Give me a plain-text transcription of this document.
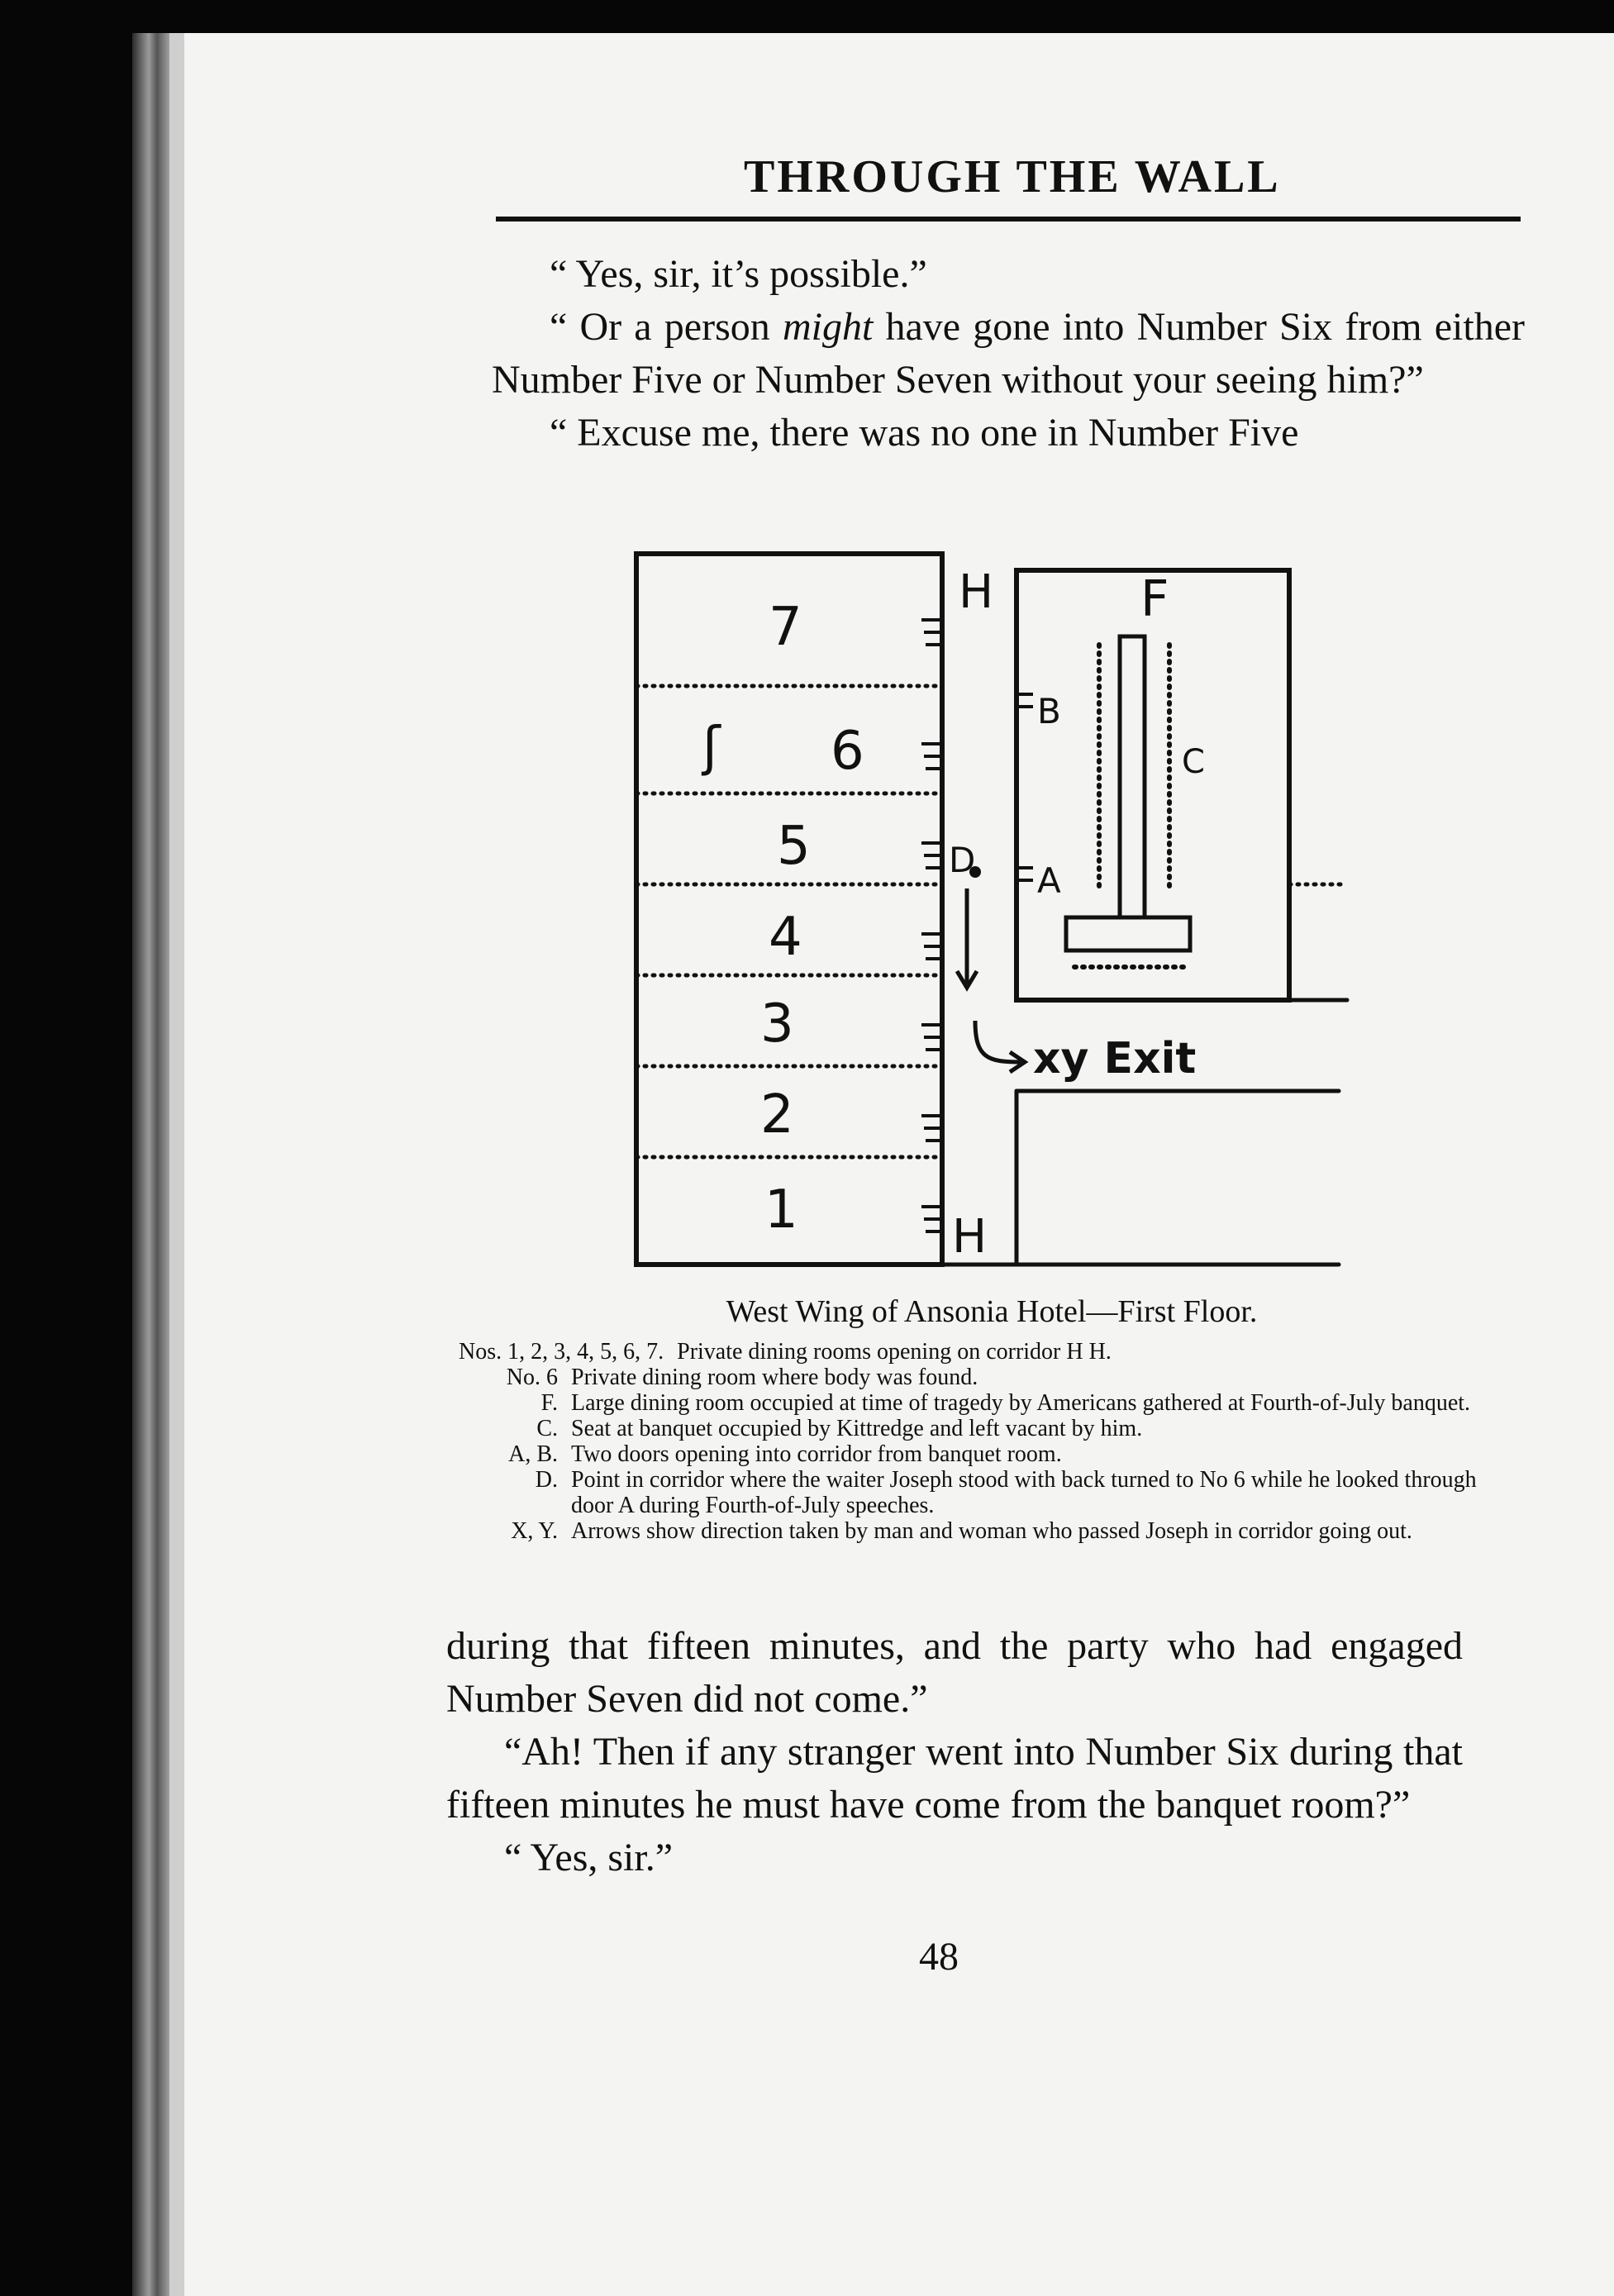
THROUGH THE WALL

“ Yes, sir, it’s possible.”

“ Or a person might have gone into Number Six from either Number Five or Number Seven without your seeing him?”

“ Excuse me, there was no one in Number Five

7
6
5
4
3
2
1
H
H
F
B
A
C
D
xy Exit
ʃ
West Wing of Ansonia Hotel—First Floor.
Nos. 1, 2, 3, 4, 5, 6, 7. Private dining rooms opening on corridor H H.
No. 6 Private dining room where body was found.
F. Large dining room occupied at time of tragedy by Americans gathered at Fourth-of-July banquet.
C. Seat at banquet occupied by Kittredge and left vacant by him.
A, B. Two doors opening into corridor from banquet room.
D. Point in corridor where the waiter Joseph stood with back turned to No 6 while he looked through door A during Fourth-of-July speeches.
X, Y. Arrows show direction taken by man and woman who passed Joseph in corridor going out.

during that fifteen minutes, and the party who had engaged Number Seven did not come.”

“Ah! Then if any stranger went into Number Six during that fifteen minutes he must have come from the banquet room?”

“ Yes, sir.”

48
